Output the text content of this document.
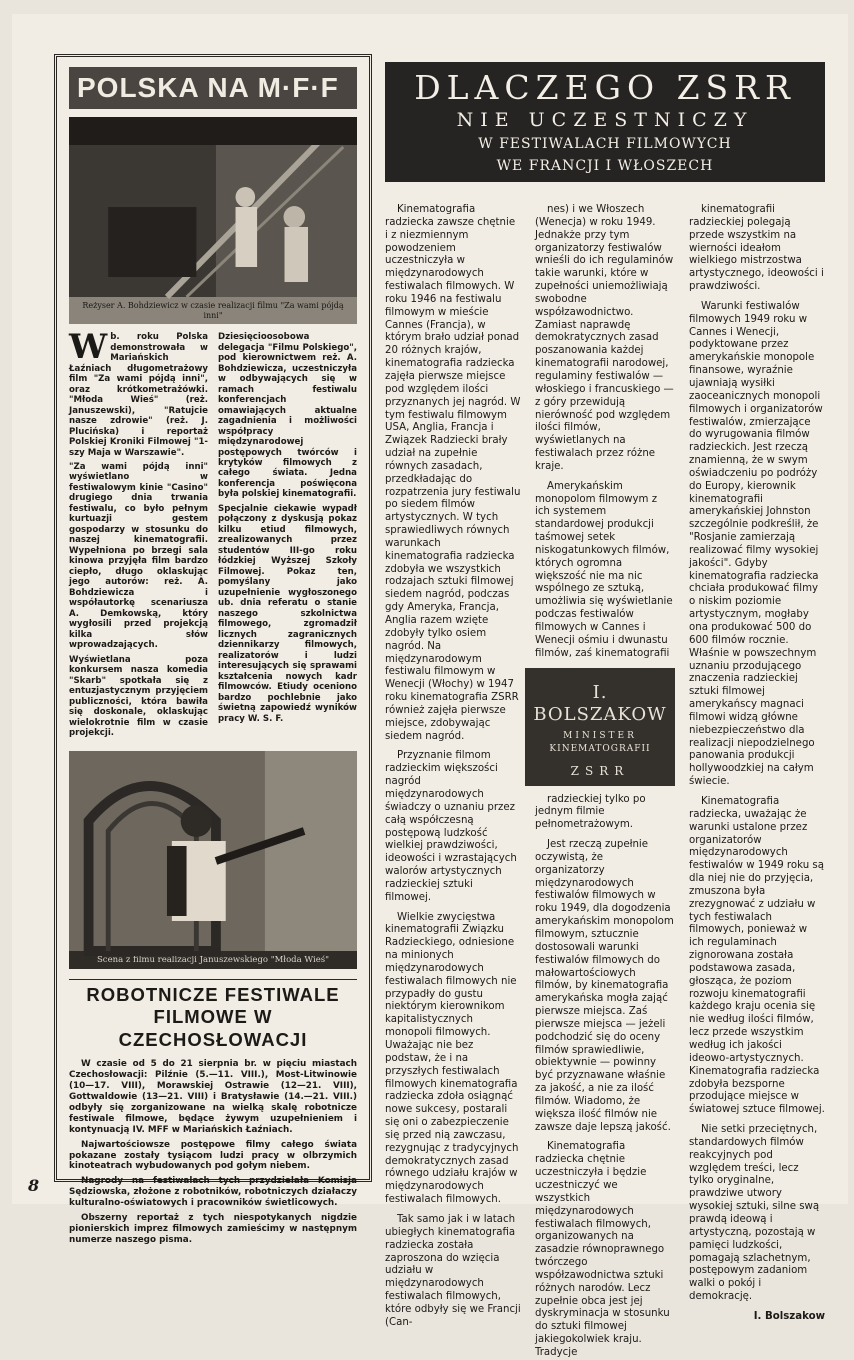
POLSKA NA M·F·F
Reżyser A. Bohdziewicz w czasie realizacji filmu "Za wami pójdą inni"

Wb. roku Polska demonstrowała w Mariańskich Łaźniach długometrażowy film "Za wami pójdą inni", oraz krótkometrażówki. "Młoda Wieś" (reż. Januszewski), "Ratujcie nasze zdrowie" (reż. J. Plucińska) i reportaż Polskiej Kroniki Filmowej "1-szy Maja w Warszawie".

"Za wami pójdą inni" wyświetlano w festiwalowym kinie "Casino" drugiego dnia trwania festiwalu, co było pełnym kurtuazji gestem gospodarzy w stosunku do naszej kinematografii. Wypełniona po brzegi sala kinowa przyjęła film bardzo ciepło, długo oklaskując jego autorów: reż. A. Bohdziewicza i współautorkę scenariusza A. Demkowską, który wygłosili przed projekcją kilka słów wprowadzających.

Wyświetlana poza konkursem nasza komedia "Skarb" spotkała się z entuzjastycznym przyjęciem publiczności, która bawiła się doskonale, oklaskując wielokrotnie film w czasie projekcji.

Dziesięcioosobowa delegacja "Filmu Polskiego", pod kierownictwem reż. A. Bohdziewicza, uczestniczyła w odbywających się w ramach festiwalu konferencjach omawiających aktualne zagadnienia i możliwości współpracy międzynarodowej postępowych twórców i krytyków filmowych z całego świata. Jedna konferencja poświęcona była polskiej kinematografii.

Specjalnie ciekawie wypadł połączony z dyskusją pokaz kilku etiud filmowych, zrealizowanych przez studentów III-go roku łódzkiej Wyższej Szkoły Filmowej. Pokaz ten, pomyślany jako uzupełnienie wygłoszonego ub. dnia referatu o stanie naszego szkolnictwa filmowego, zgromadził licznych zagranicznych dziennikarzy filmowych, realizatorów i ludzi interesujących się sprawami kształcenia nowych kadr filmowców. Etiudy oceniono bardzo pochlebnie jako świetną zapowiedź wyników pracy W. S. F.

Scena z filmu realizacji Januszewskiego "Młoda Wieś"
ROBOTNICZE FESTIWALE FILMOWE W CZECHOSŁOWACJI

W czasie od 5 do 21 sierpnia br. w pięciu miastach Czechosłowacji: Pilźnie (5.—11. VIII.), Most-Litwinowie (10—17. VIII), Morawskiej Ostrawie (12—21. VIII), Gottwaldowie (13—21. VIII) i Bratysławie (14.—21. VIII.) odbyły się zorganizowane na wielką skalę robotnicze festiwale filmowe, będące żywym uzupełnieniem i kontynuacją IV. MFF w Mariańskich Łaźniach.

Najwartościowsze postępowe filmy całego świata pokazane zostały tysiącom ludzi pracy w olbrzymich kinoteatrach wybudowanych pod gołym niebem.

Nagrody na festiwalach tych przydzielała Komisja Sędziowska, złożone z robotników, robotniczych działaczy kulturalno-oświatowych i pracowników świetlicowych.

Obszerny reportaż z tych niespotykanych nigdzie pionierskich imprez filmowych zamieścimy w następnym numerze naszego pisma.

DLACZEGO ZSRR
NIE UCZESTNICZY
W FESTIWALACH FILMOWYCH
WE FRANCJI I WŁOSZECH

Kinematografia radziecka zawsze chętnie i z niezmiennym powodzeniem uczestniczyła w międzynarodowych festiwalach filmowych. W roku 1946 na festiwalu filmowym w mieście Cannes (Francja), w którym brało udział ponad 20 różnych krajów, kinematografia radziecka zajęła pierwsze miejsce pod względem ilości przyznanych jej nagród. W tym festiwalu filmowym USA, Anglia, Francja i Związek Radziecki brały udział na zupełnie równych zasadach, przedkładając do rozpatrzenia jury festiwalu po siedem filmów artystycznych. W tych sprawiedliwych równych warunkach kinematografia radziecka zdobyła we wszystkich rodzajach sztuki filmowej siedem nagród, podczas gdy Ameryka, Francja, Anglia razem wzięte zdobyły tylko osiem nagród. Na międzynarodowym festiwalu filmowym w Wenecji (Włochy) w 1947 roku kinematografia ZSRR również zajęła pierwsze miejsce, zdobywając siedem nagród.

Przyznanie filmom radzieckim większości nagród międzynarodowych świadczy o uznaniu przez całą współczesną postępową ludzkość wielkiej prawdziwości, ideowości i wzrastających walorów artystycznych radzieckiej sztuki filmowej.

Wielkie zwycięstwa kinematografii Związku Radzieckiego, odniesione na minionych międzynarodowych festiwalach filmowych nie przypadły do gustu niektórym kierownikom kapitalistycznych monopoli filmowych. Uważając nie bez podstaw, że i na przyszłych festiwalach filmowych kinematografia radziecka zdoła osiągnąć nowe sukcesy, postarali się oni o zabezpieczenie się przed nią zawczasu, rezygnując z tradycyjnych demokratycznych zasad równego udziału krajów w międzynarodowych festiwalach filmowych.

Tak samo jak i w latach ubiegłych kinematografia radziecka została zaproszona do wzięcia udziału w międzynarodowych festiwalach filmowych, które odbyły się we Francji (Can-

nes) i we Włoszech (Wenecja) w roku 1949. Jednakże przy tym organizatorzy festiwalów wnieśli do ich regulaminów takie warunki, które w zupełności uniemożliwiają swobodne współzawodnictwo. Zamiast naprawdę demokratycznych zasad poszanowania każdej kinematografii narodowej, regulaminy festiwalów — włoskiego i francuskiego — z góry przewidują nierówność pod względem ilości filmów, wyświetlanych na festiwalach przez różne kraje.

Amerykańskim monopolom filmowym z ich systemem standardowej produkcji taśmowej setek niskogatunkowych filmów, których ogromna większość nie ma nic wspólnego ze sztuką, umożliwia się wyświetlanie podczas festiwalów filmowych w Cannes i Wenecji ośmiu i dwunastu filmów, zaś kinematografii

I. BOLSZAKOW
MINISTER
KINEMATOGRAFII
ZSRR

radzieckiej tylko po jednym filmie pełnometrażowym.

Jest rzeczą zupełnie oczywistą, że organizatorzy międzynarodowych festiwalów filmowych w roku 1949, dla dogodzenia amerykańskim monopolom filmowym, sztucznie dostosowali warunki festiwalów filmowych do małowartościowych filmów, by kinematografia amerykańska mogła zająć pierwsze miejsca. Zaś pierwsze miejsca — jeżeli podchodzić się do oceny filmów sprawiedliwie, obiektywnie — powinny być przyznawane właśnie za jakość, a nie za ilość filmów. Wiadomo, że większa ilość filmów nie zawsze daje lepszą jakość.

Kinematografia radziecka chętnie uczestniczyła i będzie uczestniczyć we wszystkich międzynarodowych festiwalach filmowych, organizowanych na zasadzie równoprawnego twórczego współzawodnictwa sztuki różnych narodów. Lecz zupełnie obca jest jej dyskryminacja w stosunku do sztuki filmowej jakiegokolwiek kraju. Tradycje

kinematografii radzieckiej polegają przede wszystkim na wierności ideałom wielkiego mistrzostwa artystycznego, ideowości i prawdziwości.

Warunki festiwalów filmowych 1949 roku w Cannes i Wenecji, podyktowane przez amerykańskie monopole finansowe, wyraźnie ujawniają wysiłki zaoceanicznych monopoli filmowych i organizatorów festiwalów, zmierzające do wyrugowania filmów radzieckich. Jest rzeczą znamienną, że w swym oświadczeniu po podróży do Europy, kierownik kinematografii amerykańskiej Johnston szczególnie podkreślił, że "Rosjanie zamierzają realizować filmy wysokiej jakości". Gdyby kinematografia radziecka chciała produkować filmy o niskim poziomie artystycznym, mogłaby ona produkować 500 do 600 filmów rocznie. Właśnie w powszechnym uznaniu przodującego znaczenia radzieckiej sztuki filmowej amerykańscy magnaci filmowi widzą główne niebezpieczeństwo dla realizacji niepodzielnego panowania produkcji hollywoodzkiej na całym świecie.

Kinematografia radziecka, uważając że warunki ustalone przez organizatorów międzynarodowych festiwalów w 1949 roku są dla niej nie do przyjęcia, zmuszona była zrezygnować z udziału w tych festiwalach filmowych, ponieważ w ich regulaminach zignorowana została podstawowa zasada, głosząca, że poziom rozwoju kinematografii każdego kraju ocenia się nie według ilości filmów, lecz przede wszystkim według ich jakości ideowo-artystycznych. Kinematografia radziecka zdobyła bezsporne przodujące miejsce w światowej sztuce filmowej.

Nie setki przeciętnych, standardowych filmów reakcyjnych pod względem treści, lecz tylko oryginalne, prawdziwe utwory wysokiej sztuki, silne swą prawdą ideową i artystyczną, pozostają w pamięci ludzkości, pomagają szlachetnym, postępowym zadaniom walki o pokój i demokrację.

I. Bolszakow
8
